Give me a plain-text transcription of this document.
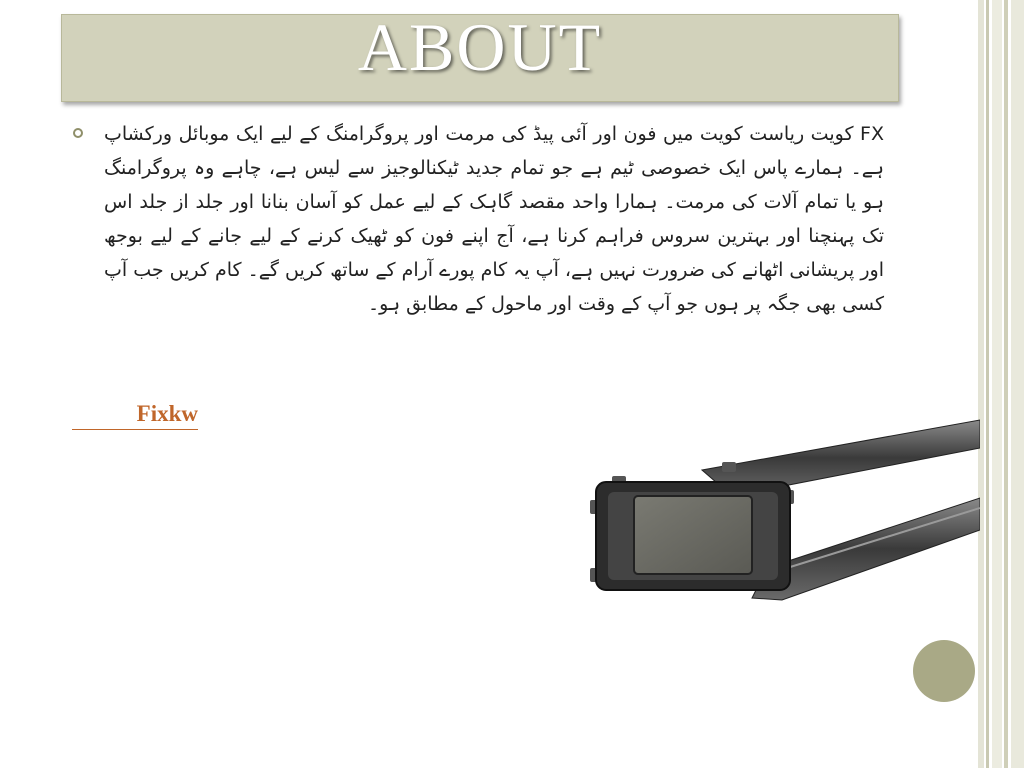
ABOUT
FX کویت ریاست کویت میں فون اور آئی پیڈ کی مرمت اور پروگرامنگ کے لیے ایک موبائل ورکشاپ ہے۔ ہمارے پاس ایک خصوصی ٹیم ہے جو تمام جدید ٹیکنالوجیز سے لیس ہے، چاہے وہ پروگرامنگ ہو یا تمام آلات کی مرمت۔ ہمارا واحد مقصد گاہک کے لیے عمل کو آسان بنانا اور جلد از جلد اس تک پہنچنا اور بہترین سروس فراہم کرنا ہے، آج اپنے فون کو ٹھیک کرنے کے لیے جانے کے لیے بوجھ اور پریشانی اٹھانے کی ضرورت نہیں ہے، آپ یہ کام پورے آرام کے ساتھ کریں گے۔ کام کریں جب آپ کسی بھی جگہ پر ہوں جو آپ کے وقت اور ماحول کے مطابق ہو۔
Fixkw
